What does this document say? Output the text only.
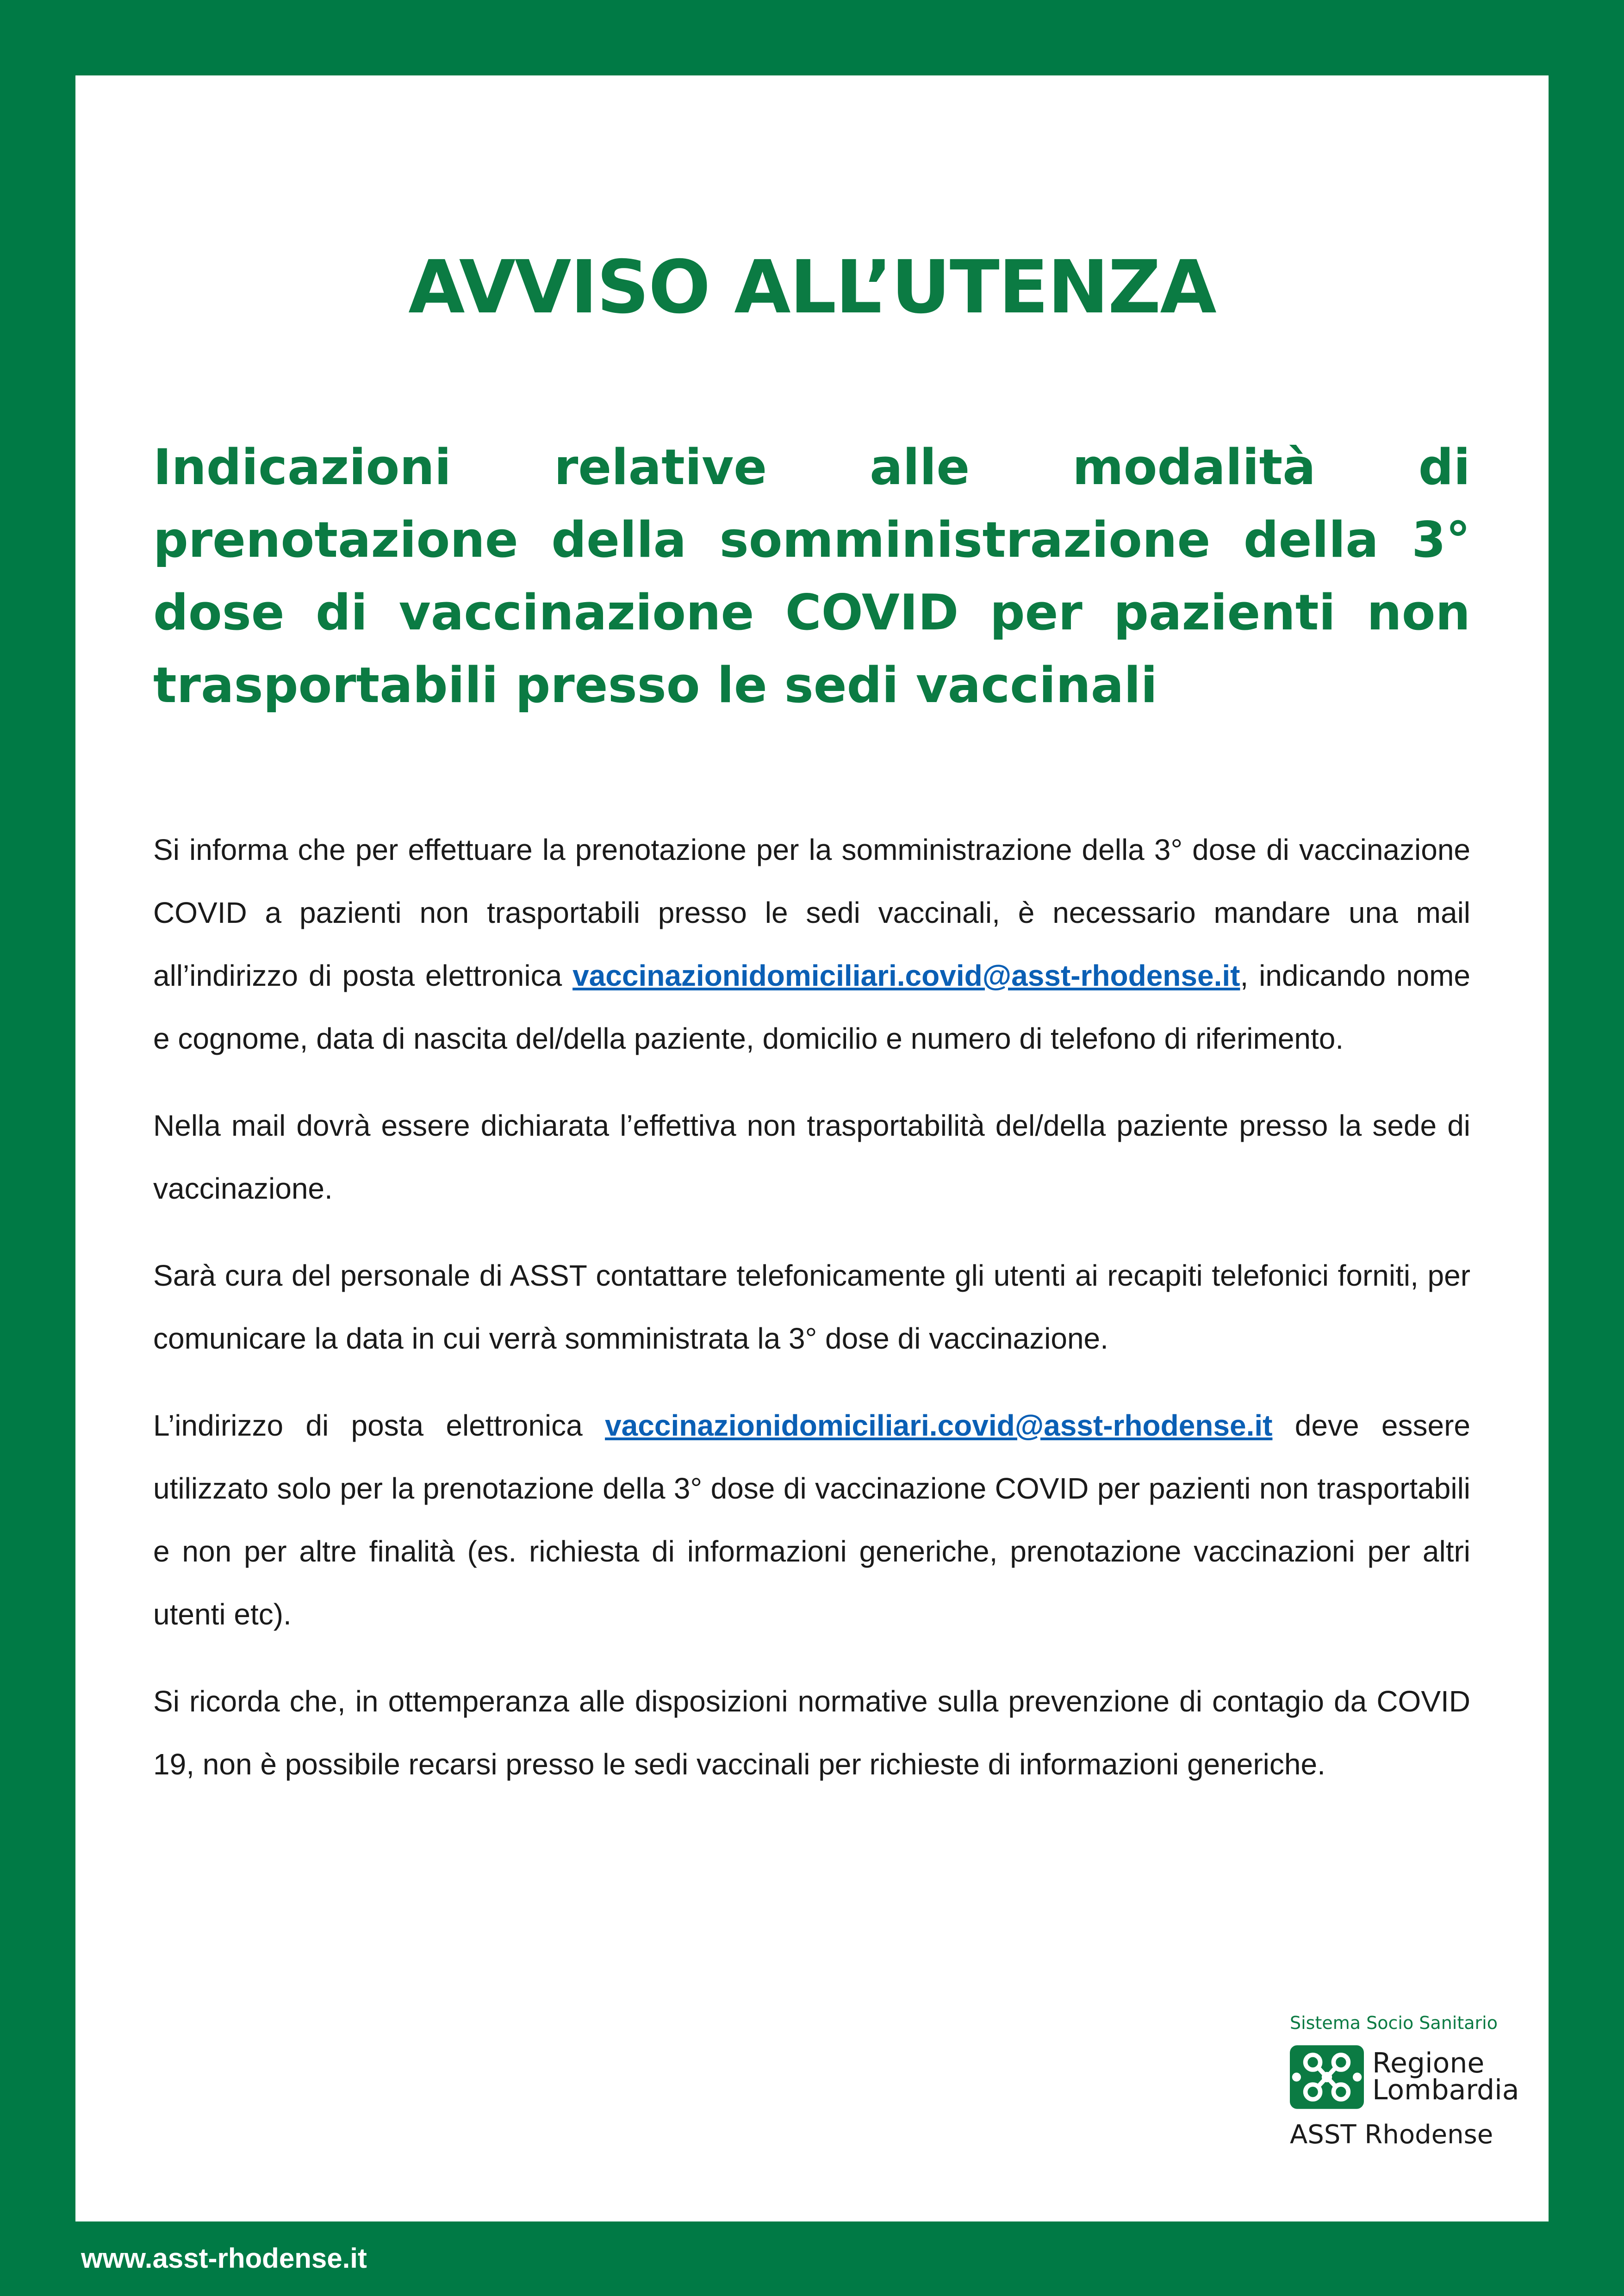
AVVISO ALL’UTENZA
Indicazioni relative alle modalità di prenotazione della somministrazione della 3° dose di vaccinazione COVID per pazienti non trasportabili presso le sedi vaccinali

Si informa che per effettuare la prenotazione per la somministrazione della 3° dose di vaccinazione COVID a pazienti non trasportabili presso le sedi vaccinali, è necessario mandare una mail all’indirizzo di posta elettronica vaccinazionidomiciliari.covid@asst-rhodense.it, indicando nome e cognome, data di nascita del/della paziente, domicilio e numero di telefono di riferimento.

Nella mail dovrà essere dichiarata l’effettiva non trasportabilità del/della paziente presso la sede di vaccinazione.

Sarà cura del personale di ASST contattare telefonicamente gli utenti ai recapiti telefonici forniti, per comunicare la data in cui verrà somministrata la 3° dose di vaccinazione.

L’indirizzo di posta elettronica vaccinazionidomiciliari.covid@asst-rhodense.it deve essere utilizzato solo per la prenotazione della 3° dose di vaccinazione COVID per pazienti non trasportabili e non per altre finalità (es. richiesta di informazioni generiche, prenotazione vaccinazioni per altri utenti etc).

Si ricorda che, in ottemperanza alle disposizioni normative sulla prevenzione di contagio da COVID 19, non è possibile recarsi presso le sedi vaccinali per richieste di informazioni generiche.

Sistema Socio Sanitario
Regione
Lombardia
ASST Rhodense
www.asst-rhodense.it
